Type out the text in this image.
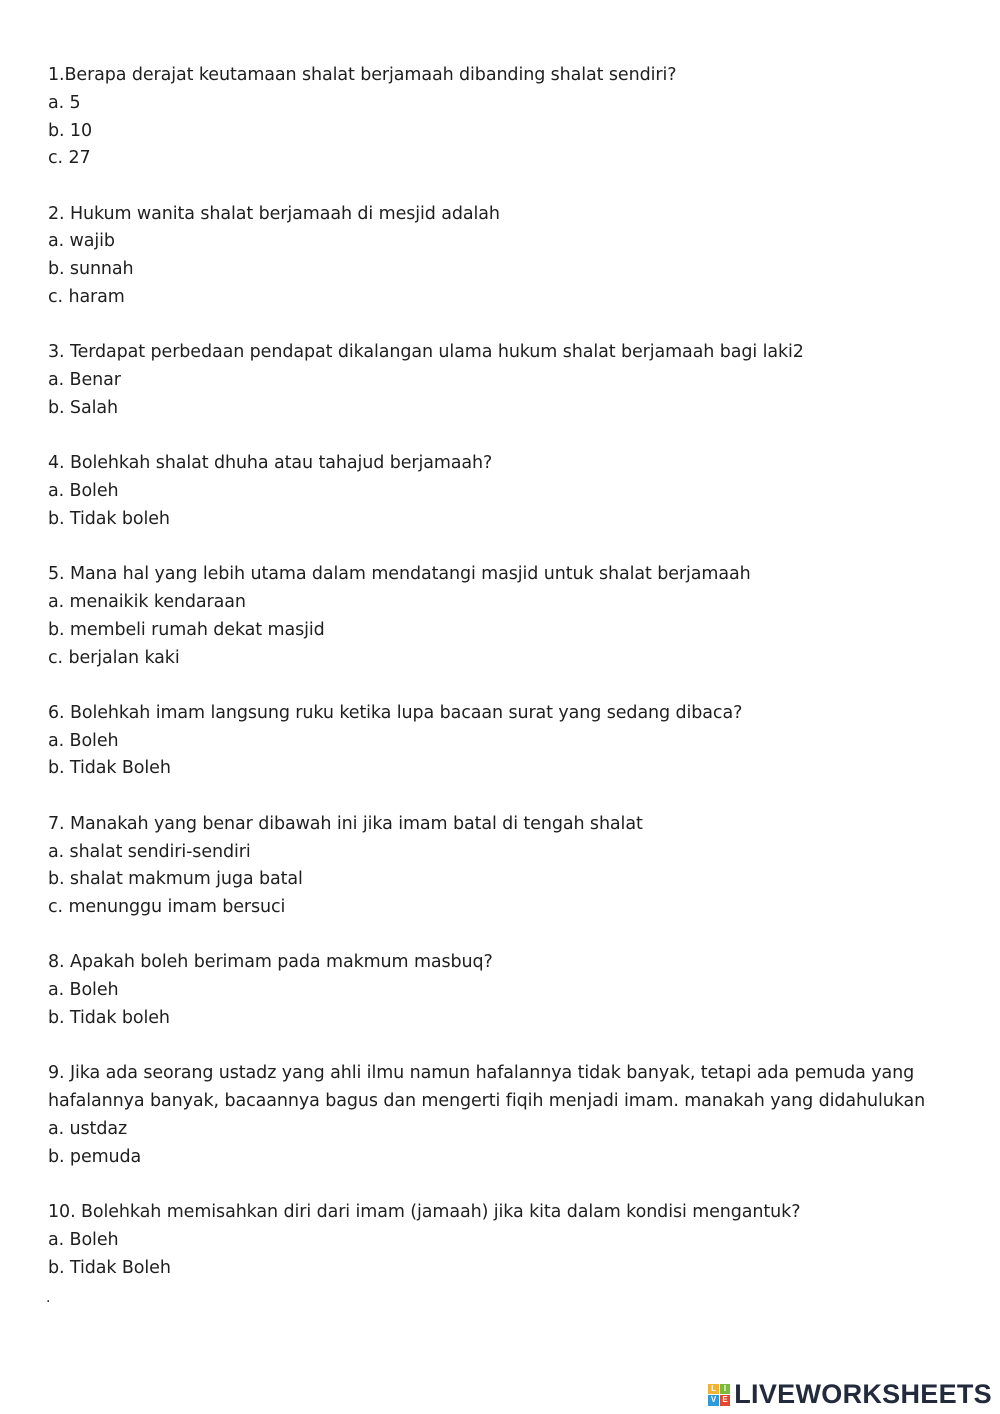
1.Berapa derajat keutamaan shalat berjamaah dibanding shalat sendiri?
a. 5
b. 10
c. 27
2. Hukum wanita shalat berjamaah di mesjid adalah
a. wajib
b. sunnah
c. haram
3. Terdapat perbedaan pendapat dikalangan ulama hukum shalat berjamaah bagi laki2
a. Benar
b. Salah
4. Bolehkah shalat dhuha atau tahajud berjamaah?
a. Boleh
b. Tidak boleh
5. Mana hal yang lebih utama dalam mendatangi masjid untuk shalat berjamaah
a. menaikik kendaraan
b. membeli rumah dekat masjid
c. berjalan kaki
6. Bolehkah imam langsung ruku ketika lupa bacaan surat yang sedang dibaca?
a. Boleh
b. Tidak Boleh
7. Manakah yang benar dibawah ini jika imam batal di tengah shalat
a. shalat sendiri-sendiri
b. shalat makmum juga batal
c. menunggu imam bersuci
8. Apakah boleh berimam pada makmum masbuq?
a. Boleh
b. Tidak boleh
9. Jika ada seorang ustadz yang ahli ilmu namun hafalannya tidak banyak, tetapi ada pemuda yang
hafalannya banyak, bacaannya bagus dan mengerti fiqih menjadi imam. manakah yang didahulukan
a. ustdaz
b. pemuda
10. Bolehkah memisahkan diri dari imam (jamaah) jika kita dalam kondisi mengantuk?
a. Boleh
b. Tidak Boleh
.
L I
V E LIVEWORKSHEETS
